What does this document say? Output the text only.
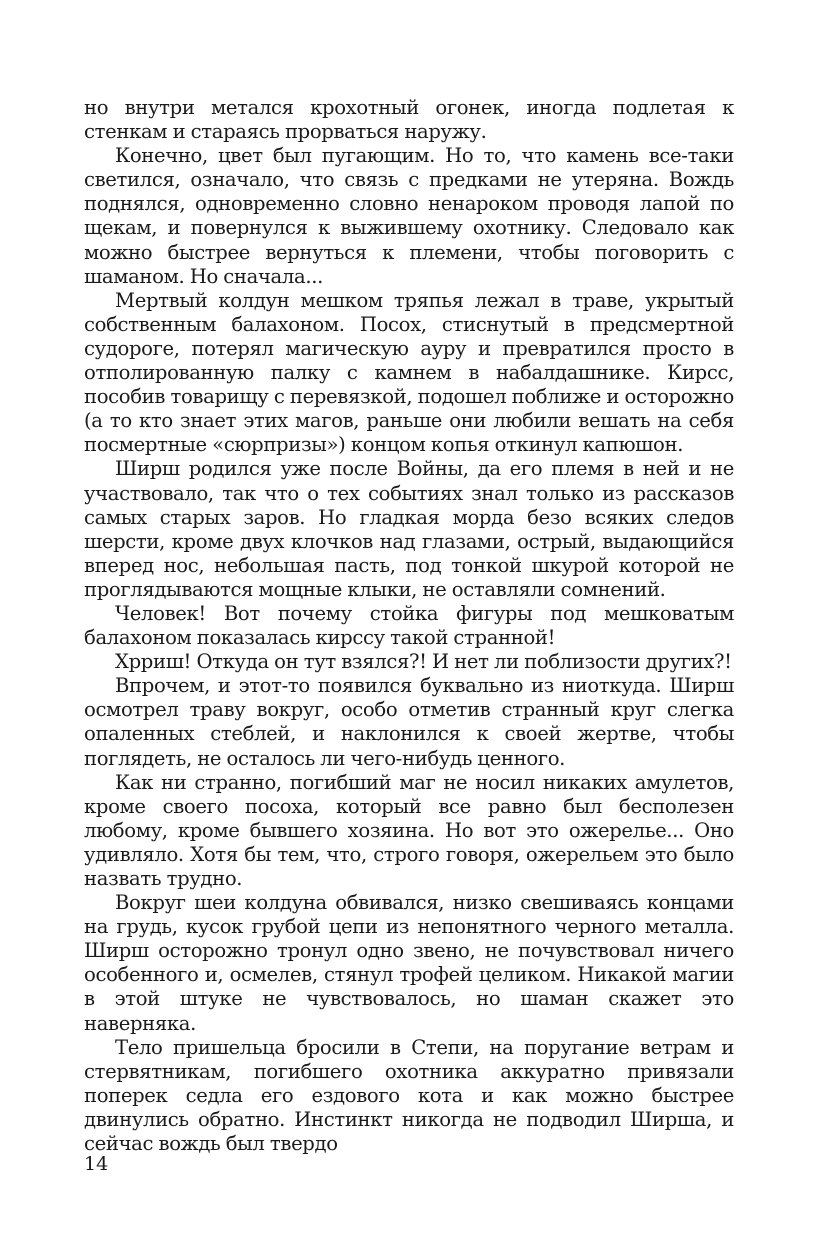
но внутри метался крохотный огонек, иногда подлетая к стенкам и стараясь прорваться наружу.

Конечно, цвет был пугающим. Но то, что камень все-таки светился, означало, что связь с предками не утеряна. Вождь поднялся, одновременно словно ненароком проводя лапой по щекам, и повернулся к выжившему охотнику. Следовало как можно быстрее вернуться к племени, чтобы поговорить с шаманом. Но сначала...

Мертвый колдун мешком тряпья лежал в траве, укрытый собственным балахоном. Посох, стиснутый в предсмертной судороге, потерял магическую ауру и превратился просто в отполированную палку с камнем в набалдашнике. Кирсс, пособив товарищу с перевязкой, подошел поближе и осторожно (а то кто знает этих магов, раньше они любили вешать на себя посмертные «сюрпризы») концом копья откинул капюшон.

Ширш родился уже после Войны, да его племя в ней и не участвовало, так что о тех событиях знал только из рассказов самых старых заров. Но гладкая морда безо всяких следов шерсти, кроме двух клочков над глазами, острый, выдающийся вперед нос, небольшая пасть, под тонкой шкурой которой не проглядываются мощные клыки, не оставляли сомнений.

Человек! Вот почему стойка фигуры под мешковатым балахоном показалась кирссу такой странной!

Хрриш! Откуда он тут взялся?! И нет ли поблизости других?!

Впрочем, и этот-то появился буквально из ниоткуда. Ширш осмотрел траву вокруг, особо отметив странный круг слегка опаленных стеблей, и наклонился к своей жертве, чтобы поглядеть, не осталось ли чего-нибудь ценного.

Как ни странно, погибший маг не носил никаких амулетов, кроме своего посоха, который все равно был бесполезен любому, кроме бывшего хозяина. Но вот это ожерелье... Оно удивляло. Хотя бы тем, что, строго говоря, ожерельем это было назвать трудно.

Вокруг шеи колдуна обвивался, низко свешиваясь концами на грудь, кусок грубой цепи из непонятного черного металла. Ширш осторожно тронул одно звено, не почувствовал ничего особенного и, осмелев, стянул трофей целиком. Никакой магии в этой штуке не чувствовалось, но шаман скажет это наверняка.

Тело пришельца бросили в Степи, на поругание ветрам и стервятникам, погибшего охотника аккуратно привязали поперек седла его ездового кота и как можно быстрее двинулись обратно. Инстинкт никогда не подводил Ширша, и сейчас вождь был твердо

14
